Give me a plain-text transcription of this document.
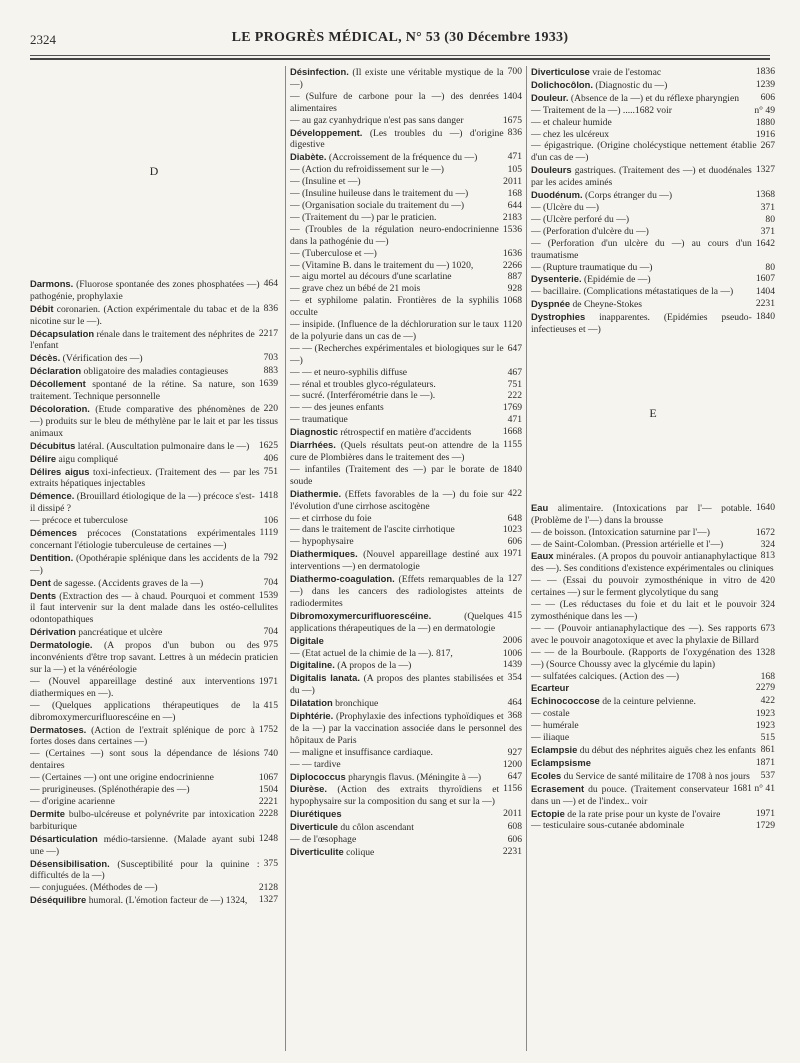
2324	LE PROGRÈS MÉDICAL, N° 53 (30 Décembre 1933)
D

464
Darmons. (Fluorose spontanée des zones phosphatées —) pathogénie, prophylaxie

836
Débit coronarien. (Action expérimentale du tabac et de la nicotine sur le —).

2217
Décapsulation rénale dans le traitement des néphrites de l'enfant

703
Décès. (Vérification des —)

883
Déclaration obligatoire des maladies contagieuses

1639
Décollement spontané de la rétine. Sa nature, son traitement. Technique personnelle

220
Décoloration. (Etude comparative des phénomènes de —) produits sur le bleu de méthylène par le lait et par les tissus animaux

1625
Décubitus latéral. (Auscultation pulmonaire dans le —)

406
Délire aigu compliqué

751
Délires aigus toxi-infectieux. (Traitement des — par les extraits hépatiques injectables

1418
Démence. (Brouillard étiologique de la —) précoce s'est-il dissipé ?

106
— précoce et tuberculose

1119
Démences précoces (Constatations expérimentales concernant l'étiologie tuberculeuse de certaines —)

792
Dentition. (Opothérapie splénique dans les accidents de la —)

704
Dent de sagesse. (Accidents graves de la —)

1539
Dents (Extraction des — à chaud. Pourquoi et comment il faut intervenir sur la dent malade dans les ostéo-cellulites odontopathiques

704
Dérivation pancréatique et ulcère

975
Dermatologie. (A propos d'un bubon ou des inconvénients d'être trop savant. Lettres à un médecin praticien sur la —) et la vénéréologie

1971
— (Nouvel appareillage destiné aux interventions diathermiques en —).

415
— (Quelques applications thérapeutiques de la dibromoxymercurifluorescéine en —)

1752
Dermatoses. (Action de l'extrait splénique de porc à fortes doses dans certaines —)

740
— (Certaines —) sont sous la dépendance de lésions dentaires

1067
— (Certaines —) ont une origine endocrinienne

1504
— prurigineuses. (Splénothérapie des —)

2221
— d'origine acarienne

2228
Dermite bulbo-ulcéreuse et polynévrite par intoxication barbiturique

1248
Désarticulation médio-tarsienne. (Malade ayant subi une —)

375
Désensibilisation. (Susceptibilité pour la quinine : difficultés de la —)

2128
— conjuguées. (Méthodes de —)

1327
Déséquilibre humoral. (L'émotion facteur de —) 1324,

700
Désinfection. (Il existe une véritable mystique de la —)

1404
— (Sulfure de carbone pour la —) des denrées alimentaires

1675
— au gaz cyanhydrique n'est pas sans danger

836
Développement. (Les troubles du —) d'origine digestive

471
Diabète. (Accroissement de la fréquence du —)

105
— (Action du refroidissement sur le —)

2011
— (Insuline et —)

168
— (Insuline huileuse dans le traitement du —)

644
— (Organisation sociale du traitement du —)

2183
— (Traitement du —) par le praticien.

1536
— (Troubles de la régulation neuro-endocrinienne dans la pathogénie du —)

1636
— (Tuberculose et —)

2266
— (Vitamine B. dans le traitement du —) 1020,

887
— aigu mortel au décours d'une scarlatine

928
— grave chez un bébé de 21 mois

1068
— et syphilome palatin. Frontières de la syphilis occulte

1120
— insipide. (Influence de la déchloruration sur le taux de la polyurie dans un cas de —)

647
— — (Recherches expérimentales et biologiques sur le —)

467
— — et neuro-syphilis diffuse

751
— rénal et troubles glyco-régulateurs.

222
— sucré. (Interférométrie dans le —).

1769
— — des jeunes enfants

471
— traumatique

1668
Diagnostic rétrospectif en matière d'accidents

1155
Diarrhées. (Quels résultats peut-on attendre de la cure de Plombières dans le traitement des —)

1840
— infantiles (Traitement des —) par le borate de soude

422
Diathermie. (Effets favorables de la —) du foie sur l'évolution d'une cirrhose ascitogène

648
— et cirrhose du foie

1023
— dans le traitement de l'ascite cirrhotique

606
— hypophysaire

1971
Diathermiques. (Nouvel appareillage destiné aux interventions —) en dermatologie

127
Diathermo-coagulation. (Effets remarquables de la —) dans les cancers des radiologistes atteints de radiodermites

415
Dibromoxymercurifluorescéine.	(Quelques applications thérapeutiques de la —) en dermatologie

2006
Digitale

1006
— (Etat actuel de la chimie de la —). 817,

1439
Digitaline. (A propos de la —)

354
Digitalis lanata. (A propos des plantes stabilisées et du —)

464
Dilatation bronchique

368
Diphtérie. (Prophylaxie des infections typhoïdiques et de la —) par la vaccination associée dans le personnel des hôpitaux de Paris

927
— maligne et insuffisance cardiaque.

1200
— — tardive

647
Diplococcus pharyngis flavus. (Méningite à —)

1156
Diurèse. (Action des extraits thyroïdiens et hypophysaire sur la composition du sang et sur la —)

2011
Diurétiques

608
Diverticule du côlon ascendant

606
— de l'œsophage

2231
Diverticulite colique

1836
Diverticulose vraie de l'estomac

1239
Dolichocôlon. (Diagnostic du —)

606
Douleur. (Absence de la —) et du réflexe pharyngien

n° 49
— Traitement de la —) .....1682 voir

1880
— et chaleur humide

1916
— chez les ulcéreux

267
— épigastrique. (Origine cholécystique nettement établie d'un cas de —)

1327
Douleurs gastriques. (Traitement des —) et duodénales par les acides aminés

1368
Duodénum. (Corps étranger du —)

371
— (Ulcère du —)

80
— (Ulcère perforé du —)

371
— (Perforation d'ulcère du —)

1642
— (Perforation d'un ulcère du —) au cours d'un traumatisme

80
— (Rupture traumatique du —)

1607
Dysenterie. (Epidémie de —)

1404
— bacillaire. (Complications métastatiques de la —)

2231
Dyspnée de Cheyne-Stokes

1840
Dystrophies inapparentes. (Epidémies pseudo-infectieuses et —)

E

1640
Eau alimentaire. (Intoxications par l'— potable. (Problème de l'—) dans la brousse

1672
— de boisson. (Intoxication saturnine par l'—)

324
— de Saint-Colomban. (Pression artérielle et l'—)

813
Eaux minérales. (A propos du pouvoir antianaphylactique des —). Ses conditions d'existence expérimentales ou cliniques

420
— — (Essai du pouvoir zymosthénique in vitro de certaines —) sur le ferment glycolytique du sang

324
— — (Les réductases du foie et du lait et le pouvoir zymosthénique dans les —)

673
— — (Pouvoir antianaphylactique des —). Ses rapports avec le pouvoir anagotoxique et avec la phylaxie de Billard

1328
— — de la Bourboule. (Rapports de l'oxygénation des —) (Source Choussy avec la glycémie du lapin)

168
— sulfatées calciques. (Action des —)

2279
Ecarteur

422
Echinococcose de la ceinture pelvienne.

1923
— costale

1923
— humérale

515
— iliaque

861
Eclampsie du début des néphrites aiguës chez les enfants

1871
Eclampsisme

537
Ecoles du Service de santé militaire de 1708 à nos jours

1681 n° 41
Ecrasement du pouce. (Traitement conservateur dans un —) et de l'index.. voir

1971
Ectopie de la rate prise pour un kyste de l'ovaire

1729
— testiculaire sous-cutanée abdominale
